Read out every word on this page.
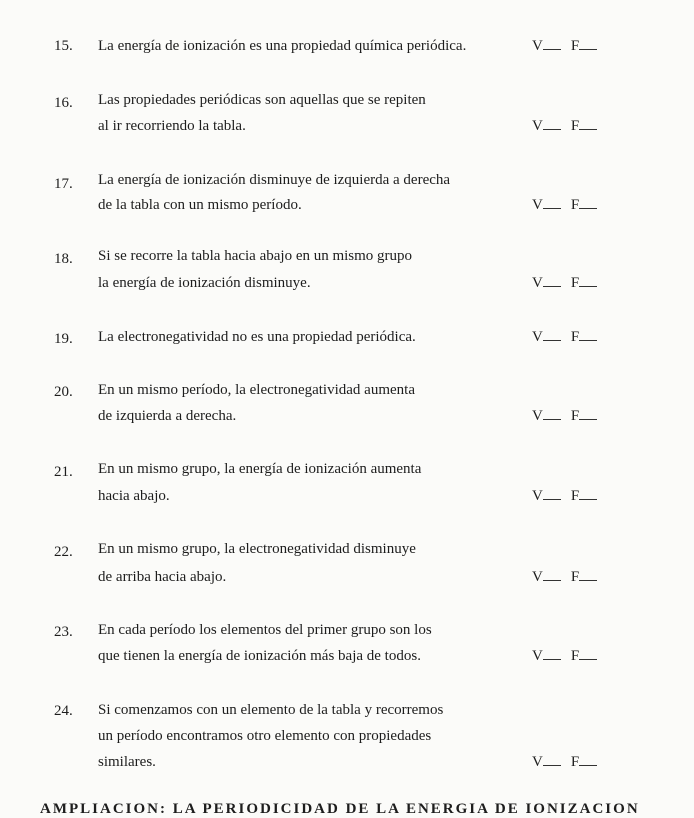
15. La energía de ionización es una propiedad química periódica.	V F
16. Las propiedades periódicas son aquellas que se repiten
al ir recorriendo la tabla.	V F
17. La energía de ionización disminuye de izquierda a derecha
de la tabla con un mismo período.	V F
18. Si se recorre la tabla hacia abajo en un mismo grupo
la energía de ionización disminuye.	V F
19. La electronegatividad no es una propiedad periódica.	V F
20. En un mismo período, la electronegatividad aumenta
de izquierda a derecha.	V F
21. En un mismo grupo, la energía de ionización aumenta
hacia abajo.	V F
22. En un mismo grupo, la electronegatividad disminuye
de arriba hacia abajo.	V F
23. En cada período los elementos del primer grupo son los
que tienen la energía de ionización más baja de todos.	V F
24. Si comenzamos con un elemento de la tabla y recorremos
un período encontramos otro elemento con propiedades
similares.	V F
AMPLIACION: LA PERIODICIDAD DE LA ENERGIA DE IONIZACION
